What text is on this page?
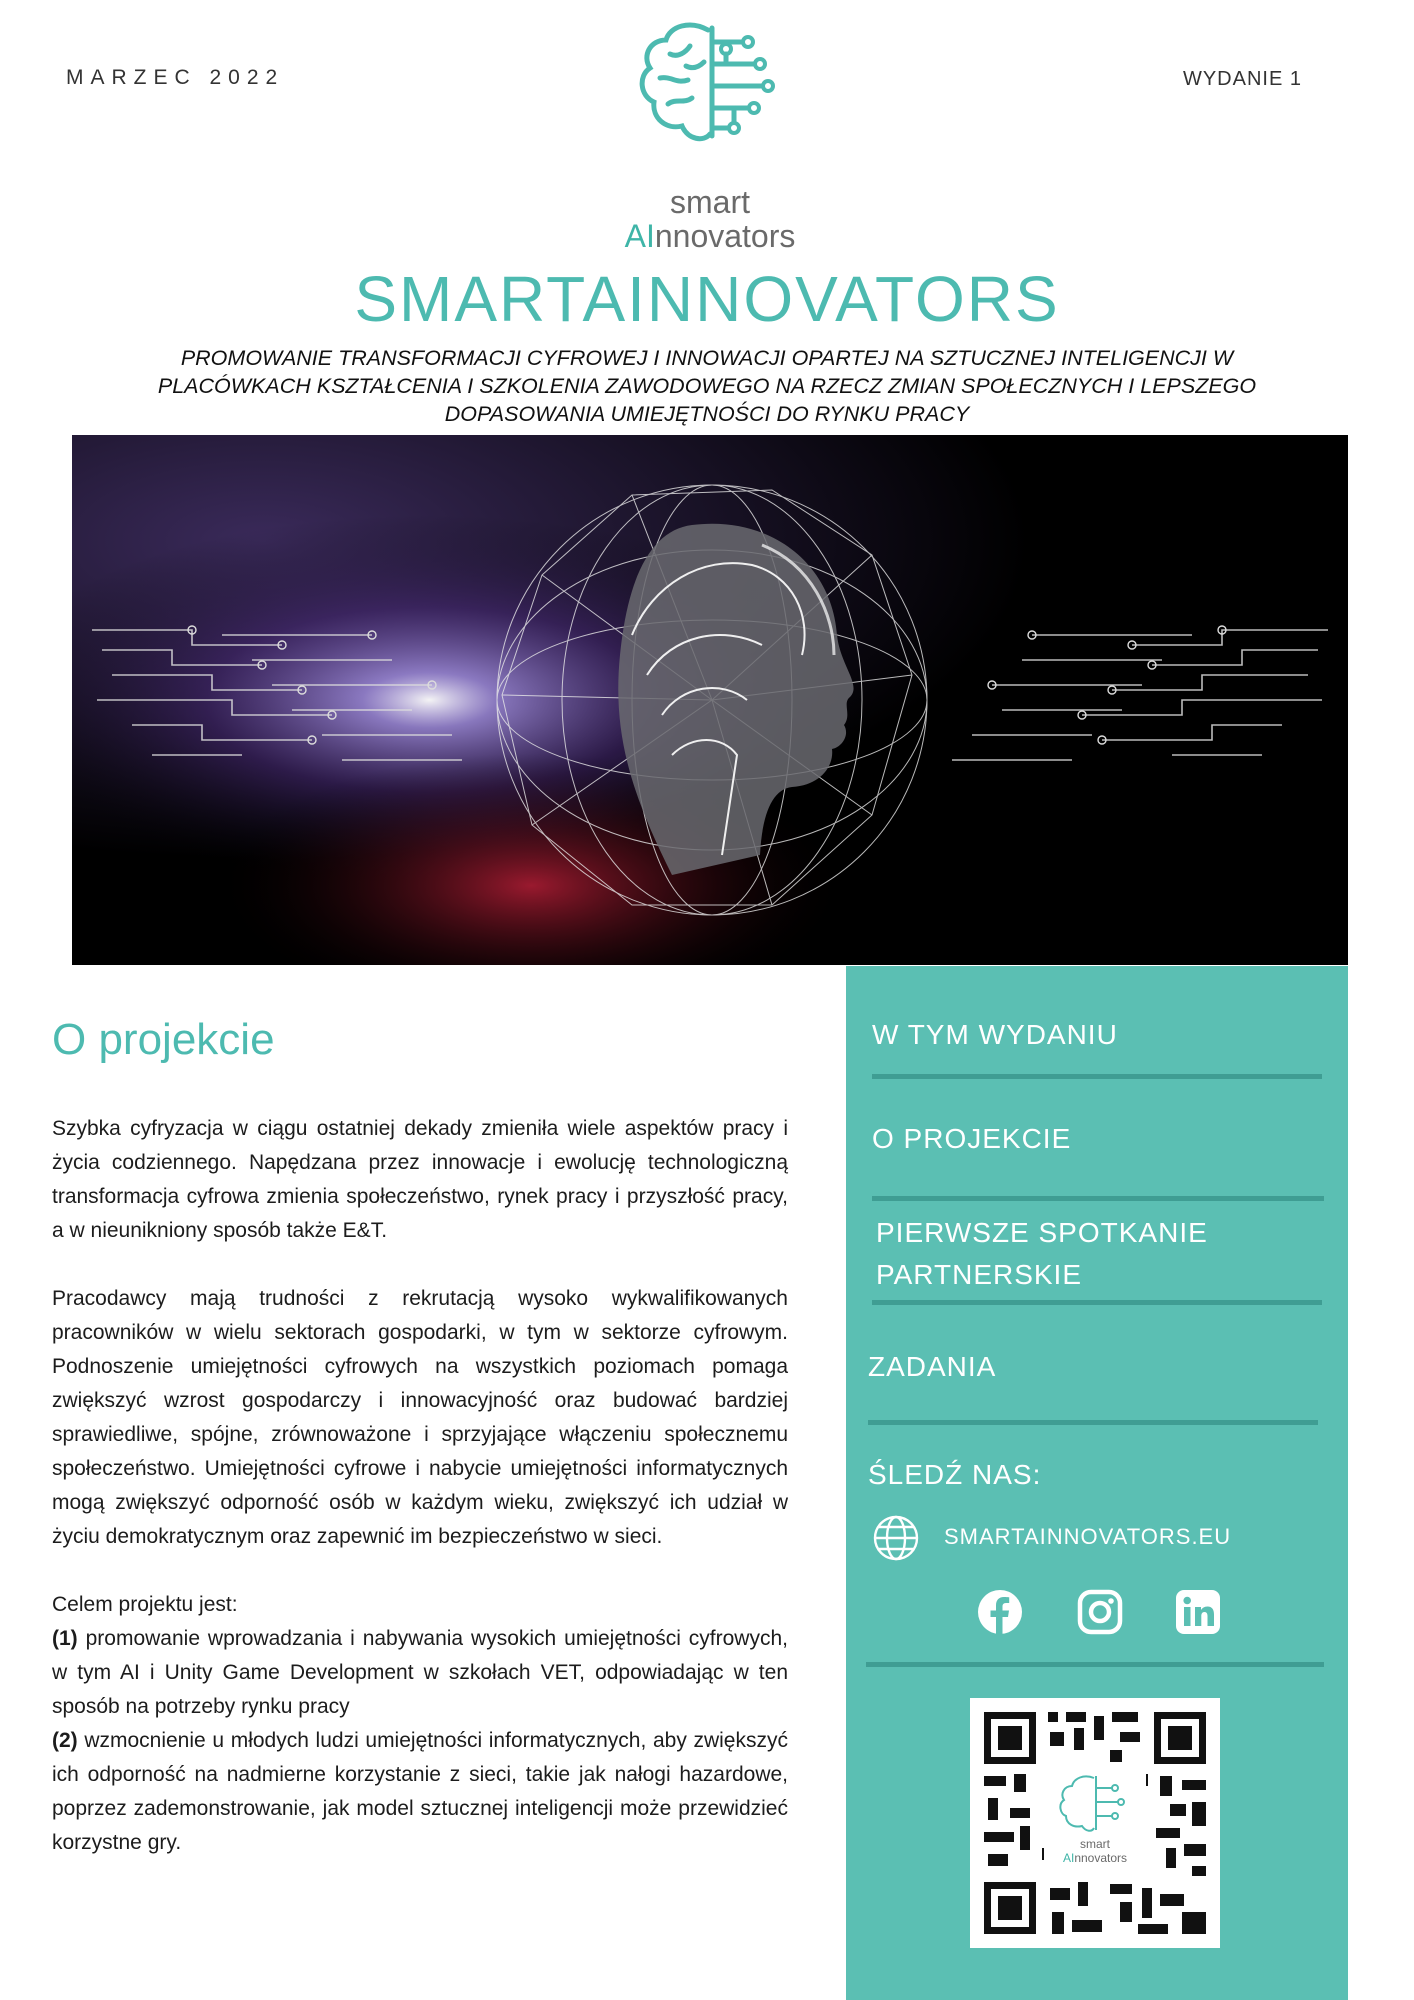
MARZEC 2022	WYDANIE 1
smart
AInnovators
SMARTAINNOVATORS
PROMOWANIE TRANSFORMACJI CYFROWEJ I INNOWACJI OPARTEJ NA SZTUCZNEJ INTELIGENCJI W PLACÓWKACH KSZTAŁCENIA I SZKOLENIA ZAWODOWEGO NA RZECZ ZMIAN SPOŁECZNYCH I LEPSZEGO DOPASOWANIA UMIEJĘTNOŚCI DO RYNKU PRACY
O projekcie

Szybka cyfryzacja w ciągu ostatniej dekady zmieniła wiele aspektów pracy i życia codziennego. Napędzana przez innowacje i ewolucję technologiczną transformacja cyfrowa zmienia społeczeństwo, rynek pracy i przyszłość pracy, a w nieunikniony sposób także E&T.

Pracodawcy mają trudności z rekrutacją wysoko wykwalifikowanych pracowników w wielu sektorach gospodarki, w tym w sektorze cyfrowym. Podnoszenie umiejętności cyfrowych na wszystkich poziomach pomaga zwiększyć wzrost gospodarczy i innowacyjność oraz budować bardziej sprawiedliwe, spójne, zrównoważone i sprzyjające włączeniu społecznemu społeczeństwo. Umiejętności cyfrowe i nabycie umiejętności informatycznych mogą zwiększyć odporność osób w każdym wieku, zwiększyć ich udział w życiu demokratycznym oraz zapewnić im bezpieczeństwo w sieci.

Celem projektu jest:

(1) promowanie wprowadzania i nabywania wysokich umiejętności cyfrowych, w tym AI i Unity Game Development w szkołach VET, odpowiadając w ten sposób na potrzeby rynku pracy

(2) wzmocnienie u młodych ludzi umiejętności informatycznych, aby zwiększyć ich odporność na nadmierne korzystanie z sieci, takie jak nałogi hazardowe, poprzez zademonstrowanie, jak model sztucznej inteligencji może przewidzieć korzystne gry.

W TYM WYDANIU
O PROJEKCIE
PIERWSZE SPOTKANIE
PARTNERSKIE
ZADANIA
ŚLEDŹ NAS:
SMARTAINNOVATORS.EU
smart
AInnovators
